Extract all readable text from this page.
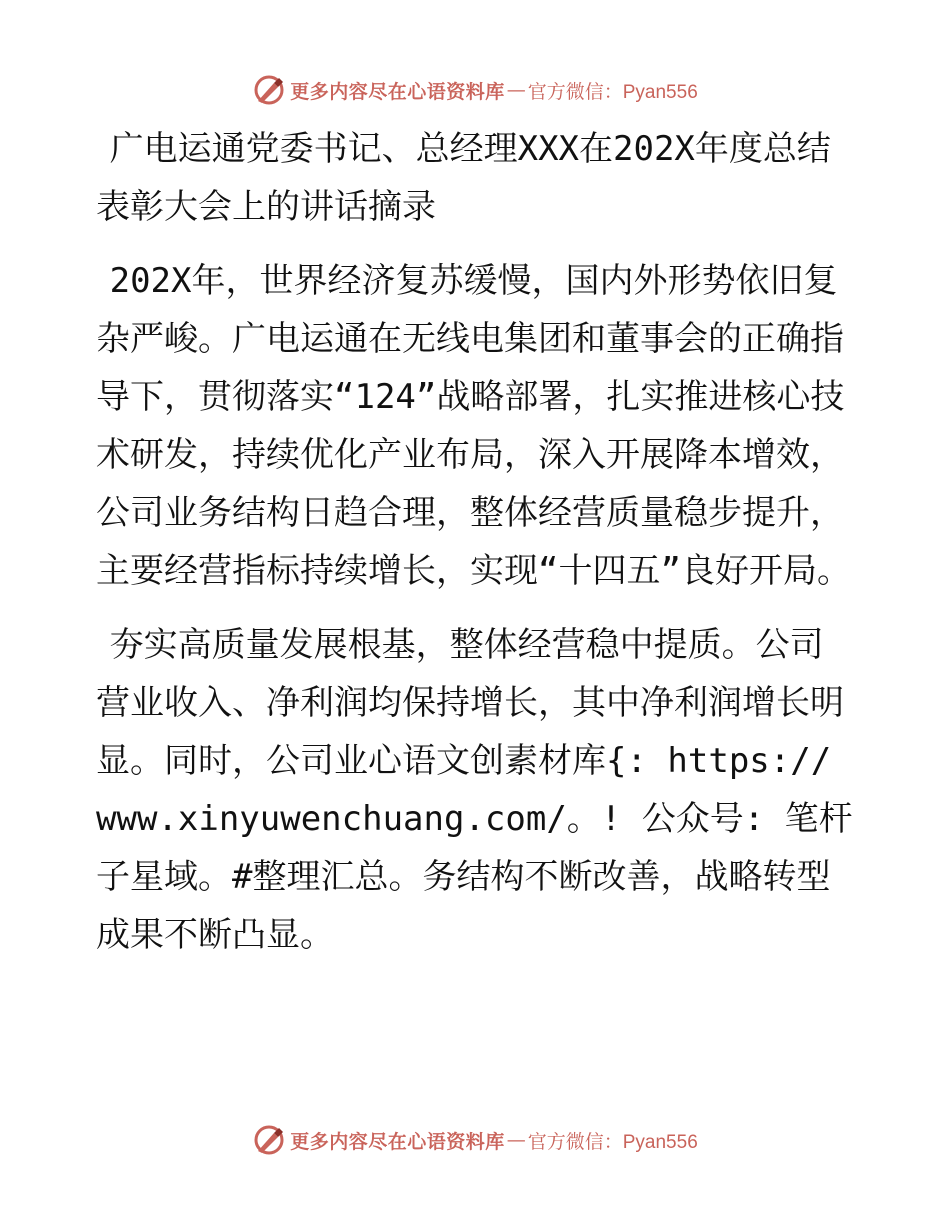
更多内容尽在心语资料库 — 官方微信：Pyan556

广电运通党委书记、总经理XXX在202X年度总结表彰大会上的讲话摘录

202X年，世界经济复苏缓慢，国内外形势依旧复杂严峻。广电运通在无线电集团和董事会的正确指导下，贯彻落实“124”战略部署，扎实推进核心技术研发，持续优化产业布局，深入开展降本增效，公司业务结构日趋合理，整体经营质量稳步提升，主要经营指标持续增长，实现“十四五”良好开局。

夯实高质量发展根基，整体经营稳中提质。公司营业收入、净利润均保持增长，其中净利润增长明显。同时，公司业心语文创素材库{: https:// www.xinyuwenchuang.com/。! 公众号: 笔杆子星域。#整理汇总。务结构不断改善，战略转型成果不断凸显。

更多内容尽在心语资料库 — 官方微信：Pyan556
